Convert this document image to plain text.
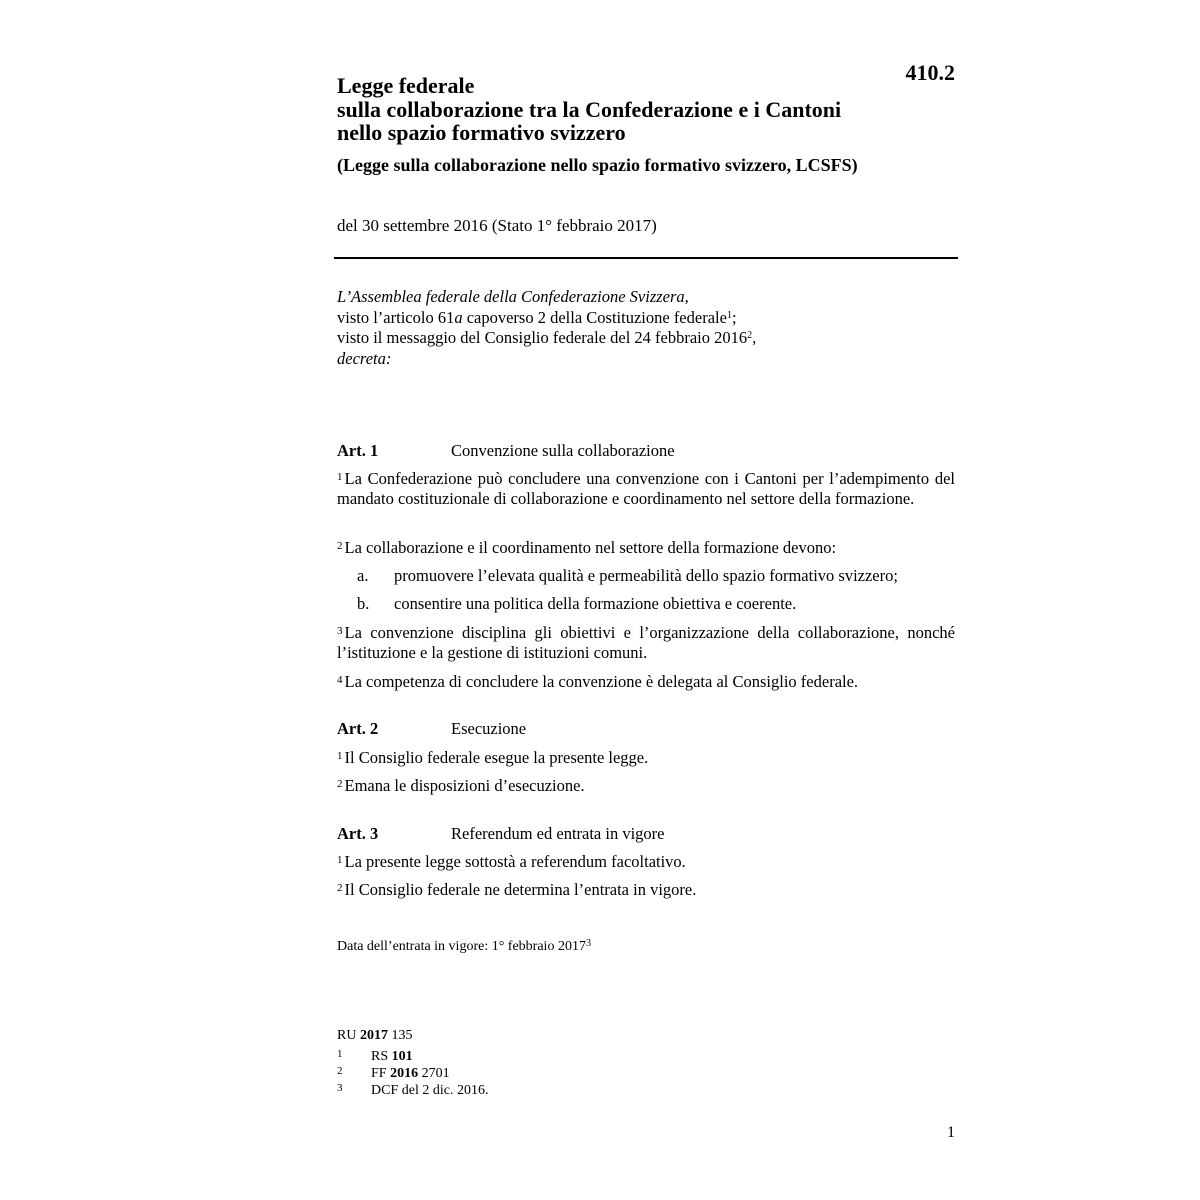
410.2
Legge federale
sulla collaborazione tra la Confederazione e i Cantoni
nello spazio formativo svizzero
(Legge sulla collaborazione nello spazio formativo svizzero, LCSFS)
del 30 settembre 2016 (Stato 1° febbraio 2017)
L’Assemblea federale della Confederazione Svizzera,
visto l’articolo 61a capoverso 2 della Costituzione federale$^1$;
visto il messaggio del Consiglio federale del 24 febbraio 2016$^2$,
decreta:
Art. 1	Convenzione sulla collaborazione
$^1$ La Confederazione può concludere una convenzione con i Cantoni per l’adempimento del mandato costituzionale di collaborazione e coordinamento nel settore della formazione.
$^2$ La collaborazione e il coordinamento nel settore della formazione devono:
a. promuovere l’elevata qualità e permeabilità dello spazio formativo svizzero;
b. consentire una politica della formazione obiettiva e coerente.
$^3$ La convenzione disciplina gli obiettivi e l’organizzazione della collaborazione, nonché l’istituzione e la gestione di istituzioni comuni.
$^4$ La competenza di concludere la convenzione è delegata al Consiglio federale.
Art. 2	Esecuzione
$^1$ Il Consiglio federale esegue la presente legge.
$^2$ Emana le disposizioni d’esecuzione.
Art. 3	Referendum ed entrata in vigore
$^1$ La presente legge sottostà a referendum facoltativo.
$^2$ Il Consiglio federale ne determina l’entrata in vigore.
Data dell’entrata in vigore: 1° febbraio 2017$^3$
RU 2017 135
1 RS 101
2 FF 2016 2701
3 DCF del 2 dic. 2016.
1
